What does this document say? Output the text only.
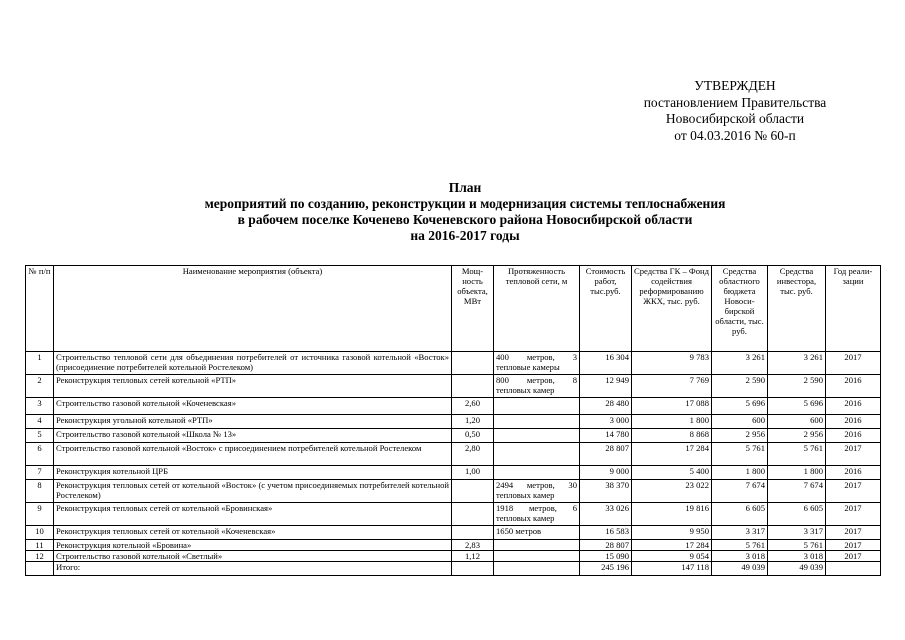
УТВЕРЖДЕН
постановлением Правительства
Новосибирской области
от 04.03.2016 № 60-п
План
мероприятий по созданию, реконструкции и модернизация системы теплоснабжения
в рабочем поселке Коченево Коченевского района Новосибирской области
на 2016-2017 годы
№ п/п	Наименование мероприятия (объекта)	Мощ-ность объекта, МВт	Протяженность тепловой сети, м	Стоимость работ, тыс.руб.	Средства ГК – Фонд содействия реформированию ЖКХ, тыс. руб.	Средства областного бюджета Новоси-бирской области, тыс. руб.	Средства инвестора, тыс. руб.	Год реали-зации
1	Строительство тепловой сети для объединения потребителей от источника газовой котельной «Восток» (присоединение потребителей котельной Ростелеком)		400 метров, 3 тепловые камеры	16 304	9 783	3 261	3 261	2017
2	Реконструкция тепловых сетей котельной «РТП»		800 метров, 8 тепловых камер	12 949	7 769	2 590	2 590	2016
3	Строительство газовой котельной «Коченевская»	2,60		28 480	17 088	5 696	5 696	2016
4	Реконструкция угольной котельной «РТП»	1,20		3 000	1 800	600	600	2016
5	Строительство газовой котельной «Школа № 13»	0,50		14 780	8 868	2 956	2 956	2016
6	Строительство газовой котельной «Восток» с присоединением потребителей котельной Ростелеком	2,80		28 807	17 284	5 761	5 761	2017
7	Реконструкция котельной ЦРБ	1,00		9 000	5 400	1 800	1 800	2016
8	Реконструкция тепловых сетей от котельной «Восток» (с учетом присоединяемых потребителей котельной Ростелеком)		2494 метров, 30 тепловых камер	38 370	23 022	7 674	7 674	2017
9	Реконструкция тепловых сетей от котельной «Бровинская»		1918 метров, 6 тепловых камер	33 026	19 816	6 605	6 605	2017
10	Реконструкция тепловых сетей от котельной «Коченевская»		1650 метров	16 583	9 950	3 317	3 317	2017
11	Реконструкция котельной «Бровина»	2,83		28 807	17 284	5 761	5 761	2017
12	Строительство газовой котельной «Светлый»	1,12		15 090	9 054	3 018	3 018	2017
	Итого:			245 196	147 118	49 039	49 039	
